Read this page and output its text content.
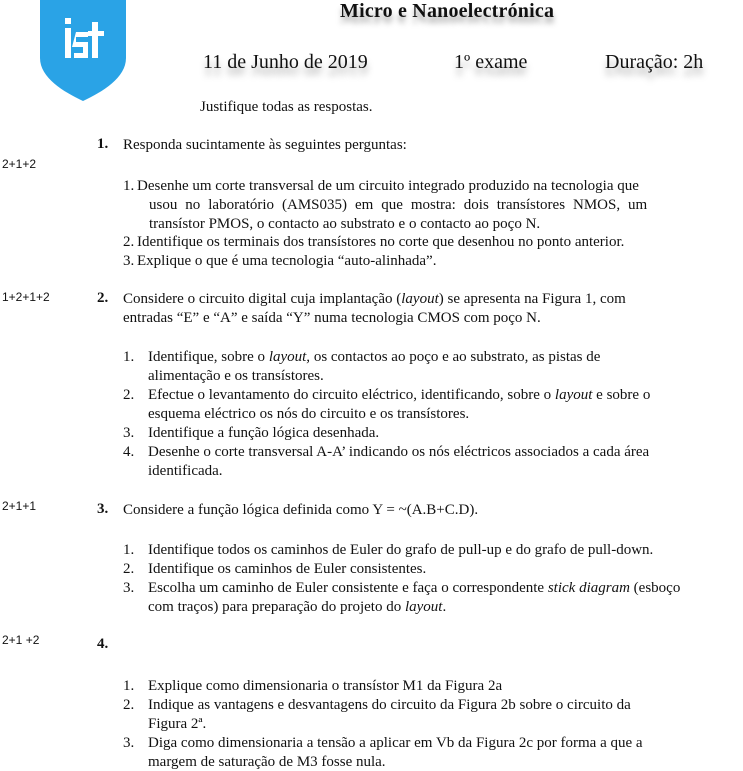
Micro e Nanoelectrónica
11 de Junho de 2019	1º exame	Duração: 2h
Justifique todas as respostas.
2+1+2
1. Responda sucintamente às seguintes perguntas:
1. Desenhe um corte transversal de um circuito integrado produzido na tecnologia que
usou no laboratório (AMS035) em que mostra: dois transístores NMOS, um
transístor PMOS, o contacto ao substrato e o contacto ao poço N.
2. Identifique os terminais dos transístores no corte que desenhou no ponto anterior.
3. Explique o que é uma tecnologia “auto-alinhada”.
1+2+1+2	2. Considere o circuito digital cuja implantação (layout) se apresenta na Figura 1, com
entradas “E” e “A” e saída “Y” numa tecnologia CMOS com poço N.
1. Identifique, sobre o layout, os contactos ao poço e ao substrato, as pistas de
alimentação e os transístores.
2. Efectue o levantamento do circuito eléctrico, identificando, sobre o layout e sobre o
esquema eléctrico os nós do circuito e os transístores.
3. Identifique a função lógica desenhada.
4. Desenhe o corte transversal A-A’ indicando os nós eléctricos associados a cada área
identificada.
2+1+1	3. Considere a função lógica definida como Y = ~(A.B+C.D).
1. Identifique todos os caminhos de Euler do grafo de pull-up e do grafo de pull-down.
2. Identifique os caminhos de Euler consistentes.
3. Escolha um caminho de Euler consistente e faça o correspondente stick diagram (esboço
com traços) para preparação do projeto do layout.
2+1 +2	4.
1. Explique como dimensionaria o transístor M1 da Figura 2a
2. Indique as vantagens e desvantagens do circuito da Figura 2b sobre o circuito da
Figura 2ª.
3. Diga como dimensionaria a tensão a aplicar em Vb da Figura 2c por forma a que a
margem de saturação de M3 fosse nula.
